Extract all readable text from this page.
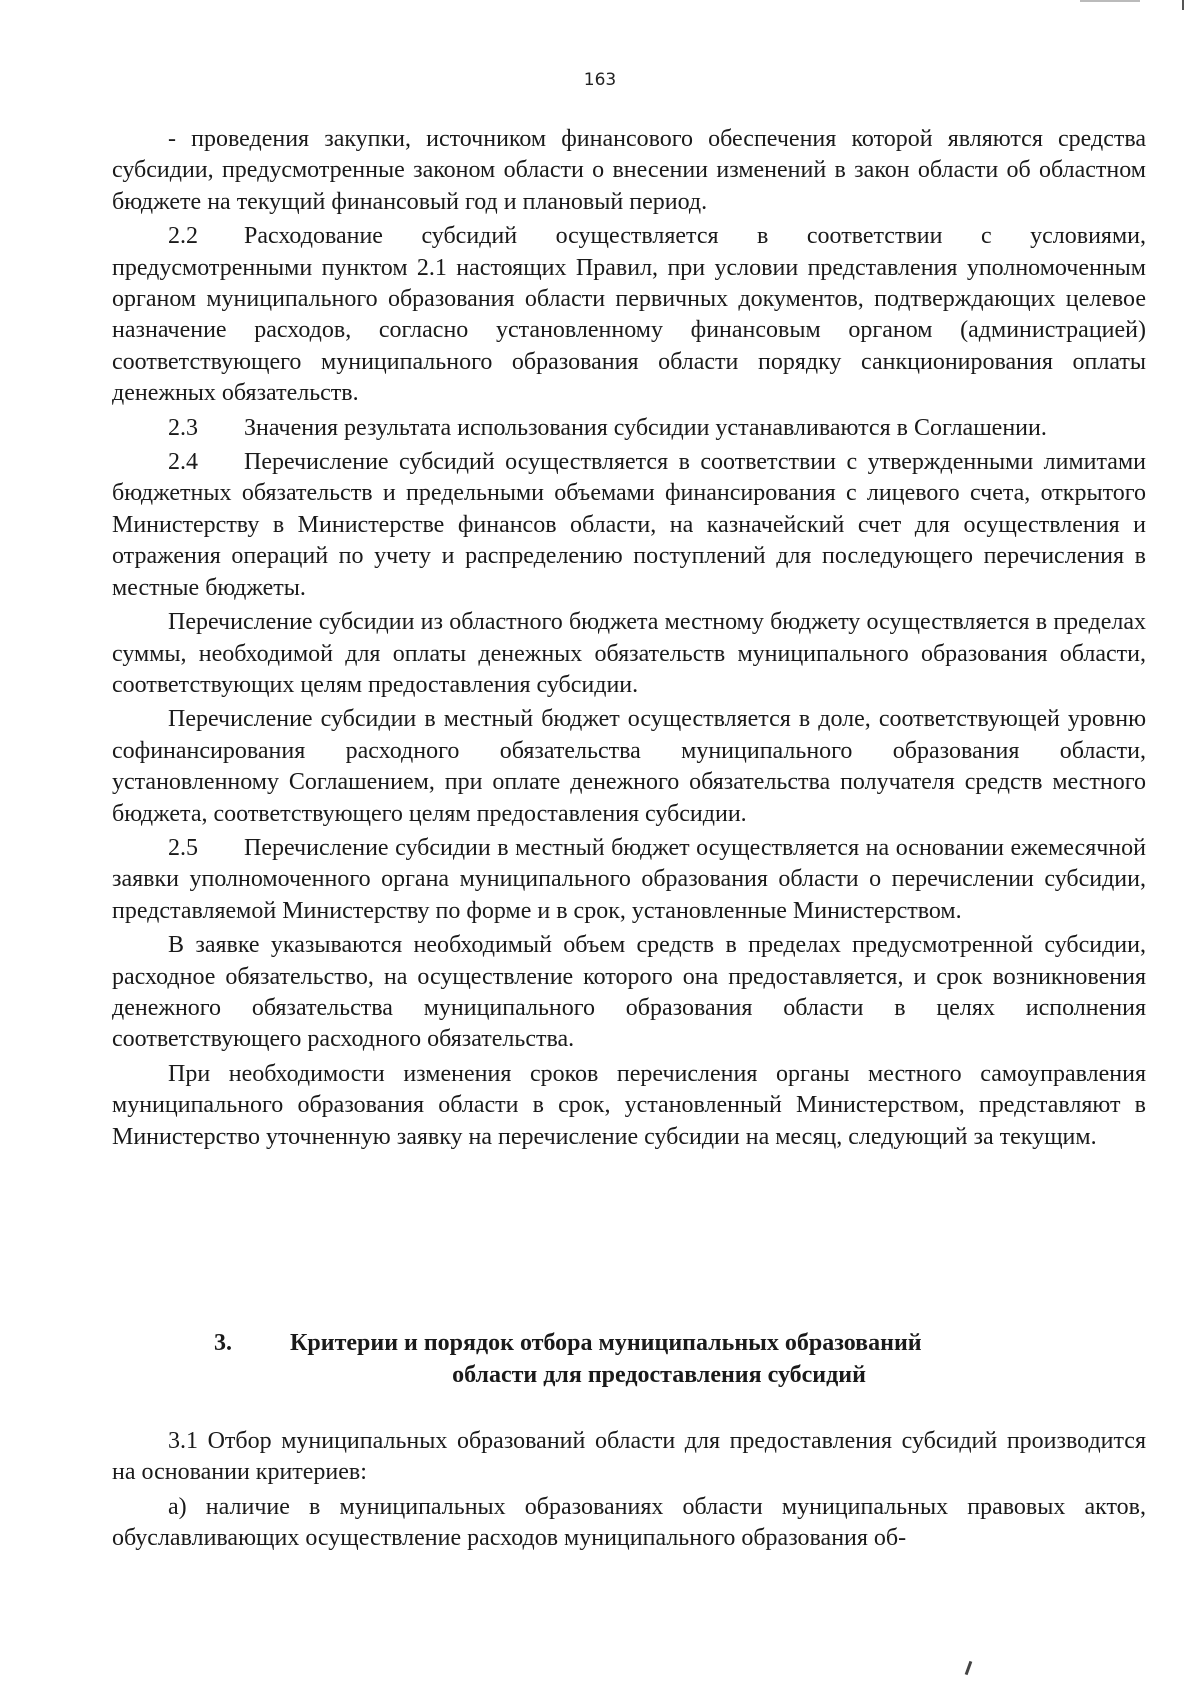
163

- проведения закупки, источником финансового обеспечения которой являются средства субсидии, предусмотренные законом области о внесении изменений в закон области об областном бюджете на текущий финансовый год и плановый период.

2.2 Расходование субсидий осуществляется в соответствии с условиями, предусмотренными пунктом 2.1 настоящих Правил, при условии представления уполномоченным органом муниципального образования области первичных документов, подтверждающих целевое назначение расходов, согласно установленному финансовым органом (администрацией) соответствующего муниципального образования области порядку санкционирования оплаты денежных обязательств.

2.3 Значения результата использования субсидии устанавливаются в Соглашении.

2.4 Перечисление субсидий осуществляется в соответствии с утвержденными лимитами бюджетных обязательств и предельными объемами финансирования с лицевого счета, открытого Министерству в Министерстве финансов области, на казначейский счет для осуществления и отражения операций по учету и распределению поступлений для последующего перечисления в местные бюджеты.

Перечисление субсидии из областного бюджета местному бюджету осуществляется в пределах суммы, необходимой для оплаты денежных обязательств муниципального образования области, соответствующих целям предоставления субсидии.

Перечисление субсидии в местный бюджет осуществляется в доле, соответствующей уровню софинансирования расходного обязательства муниципального образования области, установленному Соглашением, при оплате денежного обязательства получателя средств местного бюджета, соответствующего целям предоставления субсидии.

2.5 Перечисление субсидии в местный бюджет осуществляется на основании ежемесячной заявки уполномоченного органа муниципального образования области о перечислении субсидии, представляемой Министерству по форме и в срок, установленные Министерством.

В заявке указываются необходимый объем средств в пределах предусмотренной субсидии, расходное обязательство, на осуществление которого она предоставляется, и срок возникновения денежного обязательства муниципального образования области в целях исполнения соответствующего расходного обязательства.

При необходимости изменения сроков перечисления органы местного самоуправления муниципального образования области в срок, установленный Министерством, представляют в Министерство уточненную заявку на перечисление субсидии на месяц, следующий за текущим.

3. Критерии и порядок отбора муниципальных образований
области для предоставления субсидий

3.1 Отбор муниципальных образований области для предоставления субсидий производится на основании критериев:

а) наличие в муниципальных образованиях области муниципальных правовых актов, обуславливающих осуществление расходов муниципального образования об-
